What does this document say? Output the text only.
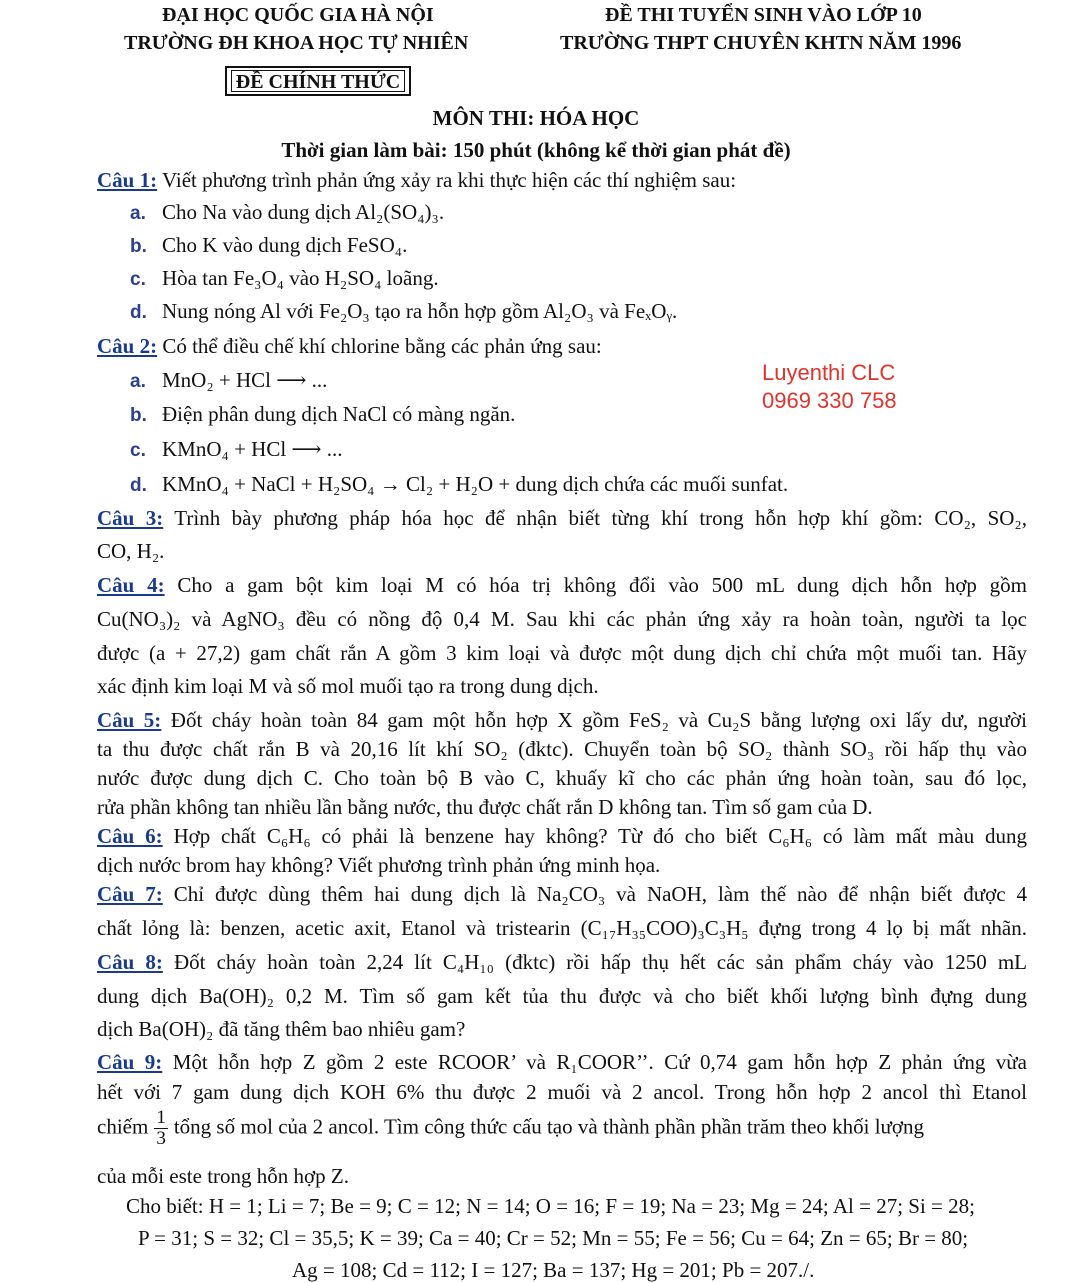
ĐẠI HỌC QUỐC GIA HÀ NỘI
TRƯỜNG ĐH KHOA HỌC TỰ NHIÊN
ĐỀ THI TUYỂN SINH VÀO LỚP 10
TRƯỜNG THPT CHUYÊN KHTN NĂM 1996
ĐỀ CHÍNH THỨC
MÔN THI: HÓA HỌC
Thời gian làm bài: 150 phút (không kể thời gian phát đề)
Câu 1: Viết phương trình phản ứng xảy ra khi thực hiện các thí nghiệm sau:
a. Cho Na vào dung dịch Al₂(SO₄)₃.
b. Cho K vào dung dịch FeSO₄.
c. Hòa tan Fe₃O₄ vào H₂SO₄ loãng.
d. Nung nóng Al với Fe₂O₃ tạo ra hỗn hợp gồm Al₂O₃ và FeₓOᵧ.
Câu 2: Có thể điều chế khí chlorine bằng các phản ứng sau:
a. MnO₂ + HCl ⟶ ...
b. Điện phân dung dịch NaCl có màng ngăn.
c. KMnO₄ + HCl ⟶ ...
d. KMnO₄ + NaCl + H₂SO₄ → Cl₂ + H₂O + dung dịch chứa các muối sunfat.
Luyenthi CLC
0969 330 758
Câu 3: Trình bày phương pháp hóa học để nhận biết từng khí trong hỗn hợp khí gồm: CO₂, SO₂,
CO, H₂.
Câu 4: Cho a gam bột kim loại M có hóa trị không đổi vào 500 mL dung dịch hỗn hợp gồm
Cu(NO₃)₂ và AgNO₃ đều có nồng độ 0,4 M. Sau khi các phản ứng xảy ra hoàn toàn, người ta lọc
được (a + 27,2) gam chất rắn A gồm 3 kim loại và được một dung dịch chỉ chứa một muối tan. Hãy
xác định kim loại M và số mol muối tạo ra trong dung dịch.
Câu 5: Đốt cháy hoàn toàn 84 gam một hỗn hợp X gồm FeS₂ và Cu₂S bằng lượng oxi lấy dư, người
ta thu được chất rắn B và 20,16 lít khí SO₂ (đktc). Chuyển toàn bộ SO₂ thành SO₃ rồi hấp thụ vào
nước được dung dịch C. Cho toàn bộ B vào C, khuấy kĩ cho các phản ứng hoàn toàn, sau đó lọc,
rửa phần không tan nhiều lần bằng nước, thu được chất rắn D không tan. Tìm số gam của D.
Câu 6: Hợp chất C₆H₆ có phải là benzene hay không? Từ đó cho biết C₆H₆ có làm mất màu dung
dịch nước brom hay không? Viết phương trình phản ứng minh họa.
Câu 7: Chỉ được dùng thêm hai dung dịch là Na₂CO₃ và NaOH, làm thế nào để nhận biết được 4
chất lỏng là: benzen, acetic axit, Etanol và tristearin (C₁₇H₃₅COO)₃C₃H₅ đựng trong 4 lọ bị mất nhãn.
Câu 8: Đốt cháy hoàn toàn 2,24 lít C₄H₁₀ (đktc) rồi hấp thụ hết các sản phẩm cháy vào 1250 mL
dung dịch Ba(OH)₂ 0,2 M. Tìm số gam kết tủa thu được và cho biết khối lượng bình đựng dung
dịch Ba(OH)₂ đã tăng thêm bao nhiêu gam?
Câu 9: Một hỗn hợp Z gồm 2 este RCOOR’ và R₁COOR’’. Cứ 0,74 gam hỗn hợp Z phản ứng vừa
hết với 7 gam dung dịch KOH 6% thu được 2 muối và 2 ancol. Trong hỗn hợp 2 ancol thì Etanol
chiếm $\frac{1}{3}$ tổng số mol của 2 ancol. Tìm công thức cấu tạo và thành phần phần trăm theo khối lượng
của mỗi este trong hỗn hợp Z.
Cho biết: H = 1; Li = 7; Be = 9; C = 12; N = 14; O = 16; F = 19; Na = 23; Mg = 24; Al = 27; Si = 28;
P = 31; S = 32; Cl = 35,5; K = 39; Ca = 40; Cr = 52; Mn = 55; Fe = 56; Cu = 64; Zn = 65; Br = 80;
Ag = 108; Cd = 112; I = 127; Ba = 137; Hg = 201; Pb = 207./.
